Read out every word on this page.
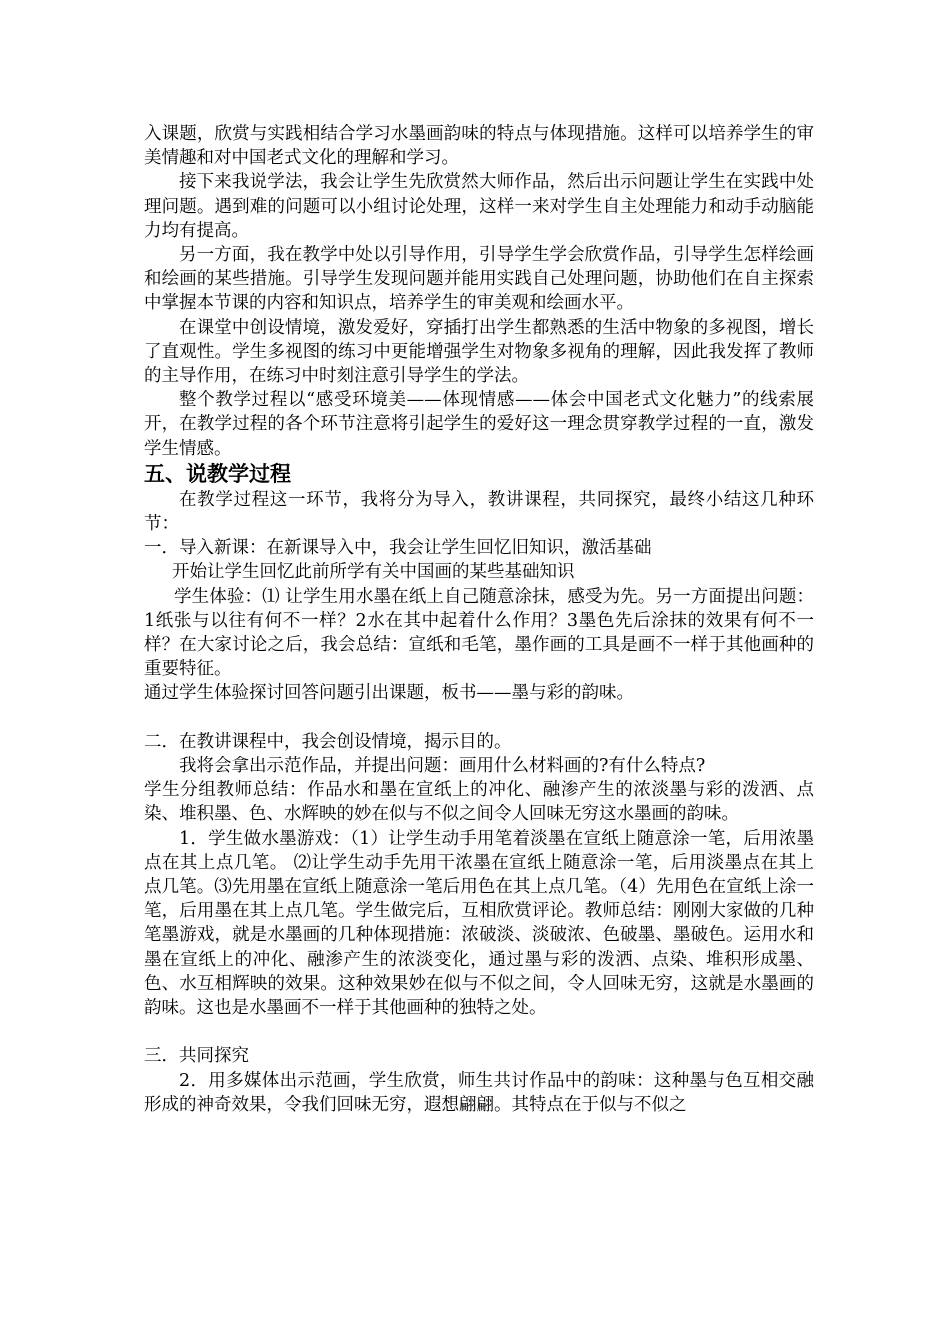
入课题，欣赏与实践相结合学习水墨画韵味的特点与体现措施。这样可以培养学生的审美情趣和对中国老式文化的理解和学习。

接下来我说学法，我会让学生先欣赏然大师作品，然后出示问题让学生在实践中处理问题。遇到难的问题可以小组讨论处理，这样一来对学生自主处理能力和动手动脑能力均有提高。

另一方面，我在教学中处以引导作用，引导学生学会欣赏作品，引导学生怎样绘画和绘画的某些措施。引导学生发现问题并能用实践自己处理问题，协助他们在自主探索中掌握本节课的内容和知识点，培养学生的审美观和绘画水平。

在课堂中创设情境，激发爱好，穿插打出学生都熟悉的生活中物象的多视图，增长了直观性。学生多视图的练习中更能增强学生对物象多视角的理解，因此我发挥了教师的主导作用，在练习中时刻注意引导学生的学法。

整个教学过程以“感受环境美——体现情感——体会中国老式文化魅力”的线索展开，在教学过程的各个环节注意将引起学生的爱好这一理念贯穿教学过程的一直，激发学生情感。

五、说教学过程

在教学过程这一环节，我将分为导入，教讲课程，共同探究，最终小结这几种环节：

一．导入新课：在新课导入中，我会让学生回忆旧知识，激活基础

开始让学生回忆此前所学有关中国画的某些基础知识

学生体验：⑴ 让学生用水墨在纸上自己随意涂抹，感受为先。另一方面提出问题：1纸张与以往有何不一样？2水在其中起着什么作用？3墨色先后涂抹的效果有何不一样？在大家讨论之后，我会总结：宣纸和毛笔，墨作画的工具是画不一样于其他画种的重要特征。

通过学生体验探讨回答问题引出课题，板书——墨与彩的韵味。

二．在教讲课程中，我会创设情境，揭示目的。

我将会拿出示范作品，并提出问题：画用什么材料画的?有什么特点?

学生分组教师总结：作品水和墨在宣纸上的冲化、融渗产生的浓淡墨与彩的泼洒、点染、堆积墨、色、水辉映的妙在似与不似之间令人回味无穷这水墨画的韵味。

1．学生做水墨游戏：（1）让学生动手用笔着淡墨在宣纸上随意涂一笔，后用浓墨点在其上点几笔。 ⑵让学生动手先用干浓墨在宣纸上随意涂一笔，后用淡墨点在其上点几笔。⑶先用墨在宣纸上随意涂一笔后用色在其上点几笔。（4）先用色在宣纸上涂一笔，后用墨在其上点几笔。学生做完后，互相欣赏评论。教师总结：刚刚大家做的几种笔墨游戏，就是水墨画的几种体现措施：浓破淡、淡破浓、色破墨、墨破色。运用水和墨在宣纸上的冲化、融渗产生的浓淡变化，通过墨与彩的泼洒、点染、堆积形成墨、色、水互相辉映的效果。这种效果妙在似与不似之间，令人回味无穷，这就是水墨画的韵味。这也是水墨画不一样于其他画种的独特之处。

三．共同探究

2．用多媒体出示范画，学生欣赏，师生共讨作品中的韵味：这种墨与色互相交融形成的神奇效果，令我们回味无穷，遐想翩翩。其特点在于似与不似之
